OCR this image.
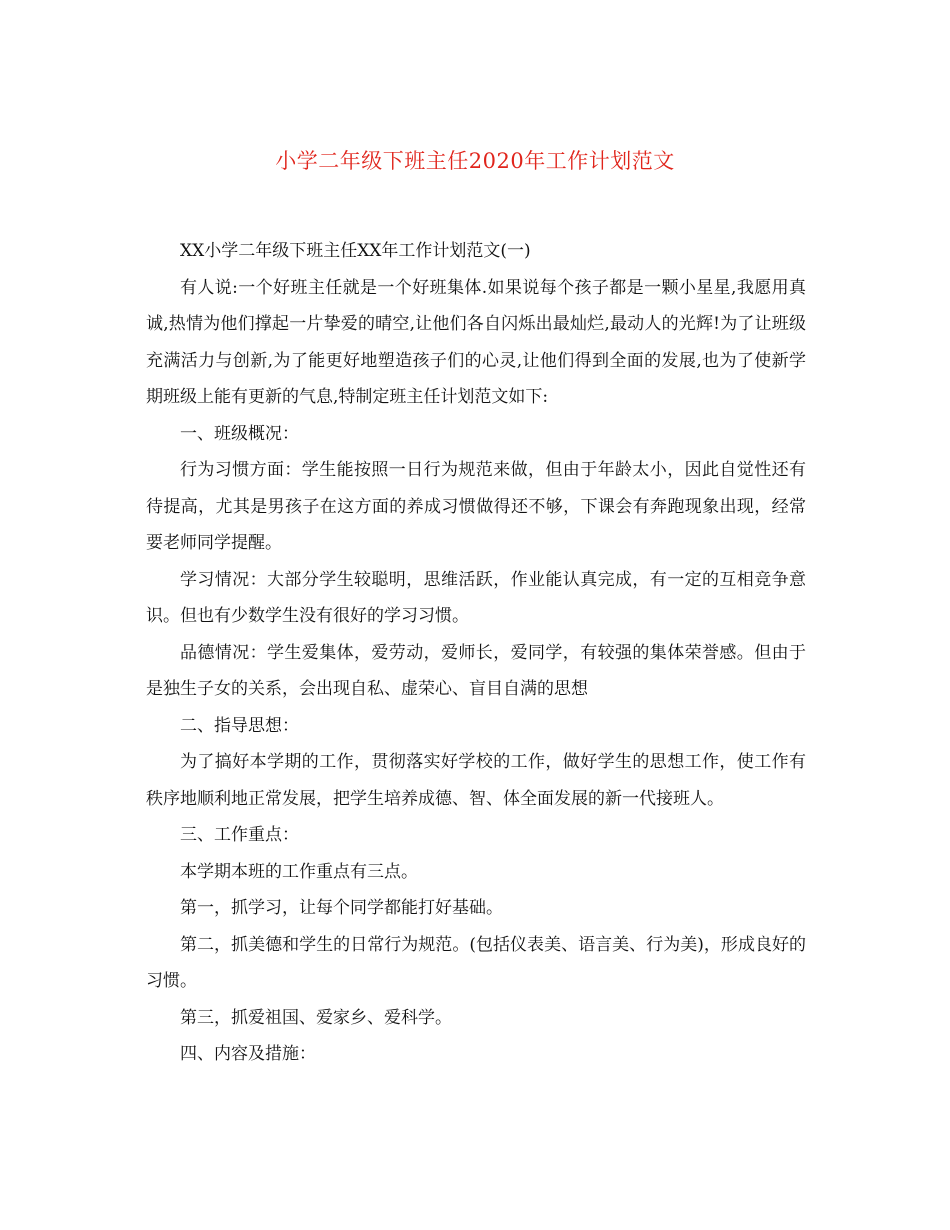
小学二年级下班主任2020年工作计划范文

XX小学二年级下班主任XX年工作计划范文(一)

有人说:一个好班主任就是一个好班集体.如果说每个孩子都是一颗小星星,我愿用真诚,热情为他们撑起一片挚爱的晴空,让他们各自闪烁出最灿烂,最动人的光辉!为了让班级充满活力与创新,为了能更好地塑造孩子们的心灵,让他们得到全面的发展,也为了使新学期班级上能有更新的气息,特制定班主任计划范文如下:

一、班级概况：

行为习惯方面：学生能按照一日行为规范来做，但由于年龄太小，因此自觉性还有待提高，尤其是男孩子在这方面的养成习惯做得还不够，下课会有奔跑现象出现，经常要老师同学提醒。

学习情况：大部分学生较聪明，思维活跃，作业能认真完成，有一定的互相竞争意识。但也有少数学生没有很好的学习习惯。

品德情况：学生爱集体，爱劳动，爱师长，爱同学，有较强的集体荣誉感。但由于是独生子女的关系，会出现自私、虚荣心、盲目自满的思想

二、指导思想：

为了搞好本学期的工作，贯彻落实好学校的工作，做好学生的思想工作，使工作有秩序地顺利地正常发展，把学生培养成德、智、体全面发展的新一代接班人。

三、工作重点：

本学期本班的工作重点有三点。

第一，抓学习，让每个同学都能打好基础。

第二，抓美德和学生的日常行为规范。(包括仪表美、语言美、行为美)，形成良好的习惯。

第三，抓爱祖国、爱家乡、爱科学。

四、内容及措施：
